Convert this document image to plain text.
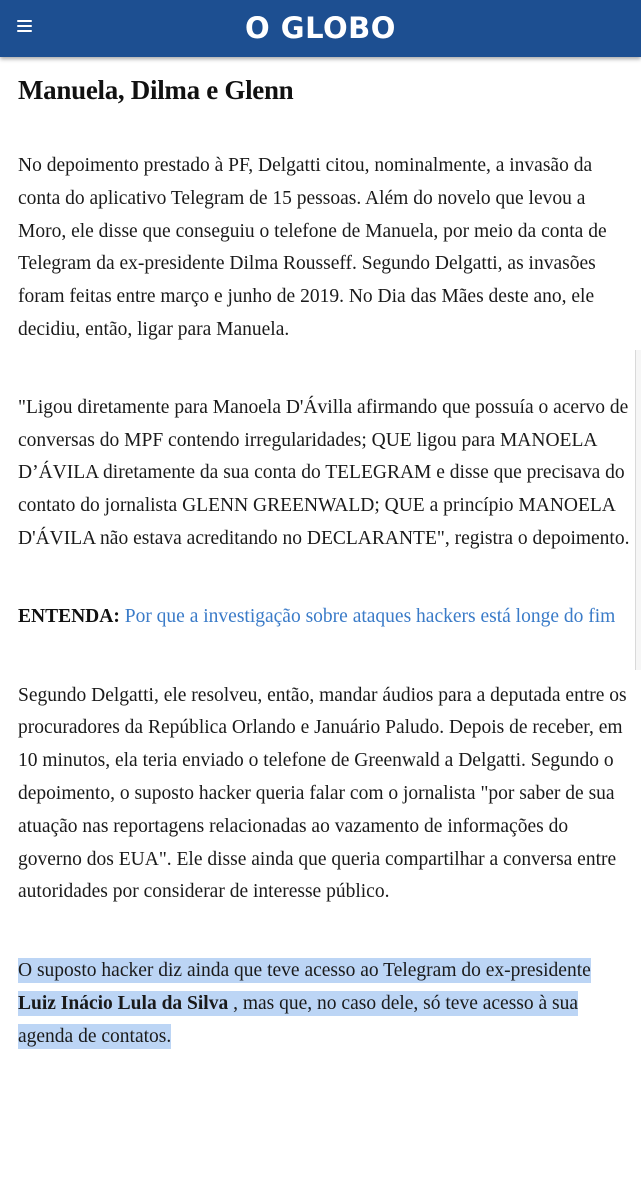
O GLOBO
Manuela, Dilma e Glenn

No depoimento prestado à PF, Delgatti citou, nominalmente, a invasão da conta do aplicativo Telegram de 15 pessoas. Além do novelo que levou a Moro, ele disse que conseguiu o telefone de Manuela, por meio da conta de Telegram da ex-presidente Dilma Rousseff. Segundo Delgatti, as invasões foram feitas entre março e junho de 2019. No Dia das Mães deste ano, ele decidiu, então, ligar para Manuela.

"Ligou diretamente para Manoela D'Ávilla afirmando que possuía o acervo de conversas do MPF contendo irregularidades; QUE ligou para MANOELA D’ÁVILA diretamente da sua conta do TELEGRAM e disse que precisava do contato do jornalista GLENN GREENWALD; QUE a princípio MANOELA D'ÁVILA não estava acreditando no DECLARANTE", registra o depoimento.

ENTENDA: Por que a investigação sobre ataques hackers está longe do fim

Segundo Delgatti, ele resolveu, então, mandar áudios para a deputada entre os procuradores da República Orlando e Januário Paludo. Depois de receber, em 10 minutos, ela teria enviado o telefone de Greenwald a Delgatti. Segundo o depoimento, o suposto hacker queria falar com o jornalista "por saber de sua atuação nas reportagens relacionadas ao vazamento de informações do governo dos EUA". Ele disse ainda que queria compartilhar a conversa entre autoridades por considerar de interesse público.

O suposto hacker diz ainda que teve acesso ao Telegram do ex-presidente Luiz Inácio Lula da Silva , mas que, no caso dele, só teve acesso à sua agenda de contatos.
